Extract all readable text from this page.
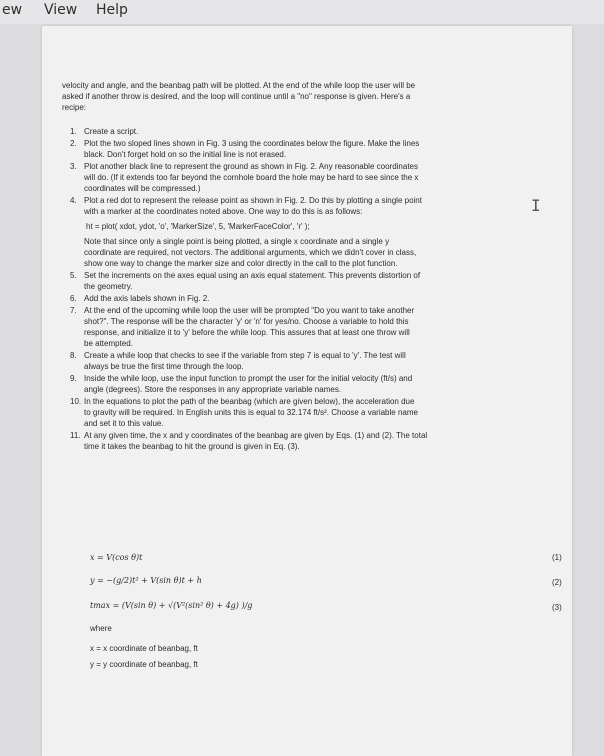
ew View Help
velocity and angle, and the beanbag path will be plotted. At the end of the while loop the user will be
asked if another throw is desired, and the loop will continue until a "no" response is given. Here's a
recipe:
1. Create a script.
2. Plot the two sloped lines shown in Fig. 3 using the coordinates below the figure. Make the lines
black. Don't forget hold on so the initial line is not erased.
3. Plot another black line to represent the ground as shown in Fig. 2. Any reasonable coordinates
will do. (If it extends too far beyond the cornhole board the hole may be hard to see since the x
coordinates will be compressed.)
4. Plot a red dot to represent the release point as shown in Fig. 2. Do this by plotting a single point
with a marker at the coordinates noted above. One way to do this is as follows:
ht = plot( xdot, ydot, 'o', 'MarkerSize', 5, 'MarkerFaceColor', 'r' );
Note that since only a single point is being plotted, a single x coordinate and a single y
coordinate are required, not vectors. The additional arguments, which we didn't cover in class,
show one way to change the marker size and color directly in the call to the plot function.
5. Set the increments on the axes equal using an axis equal statement. This prevents distortion of
the geometry.
6. Add the axis labels shown in Fig. 2.
7. At the end of the upcoming while loop the user will be prompted "Do you want to take another
shot?". The response will be the character 'y' or 'n' for yes/no. Choose a variable to hold this
response, and initialize it to 'y' before the while loop. This assures that at least one throw will
be attempted.
8. Create a while loop that checks to see if the variable from step 7 is equal to 'y'. The test will
always be true the first time through the loop.
9. Inside the while loop, use the input function to prompt the user for the initial velocity (ft/s) and
angle (degrees). Store the responses in any appropriate variable names.
10. In the equations to plot the path of the beanbag (which are given below), the acceleration due
to gravity will be required. In English units this is equal to 32.174 ft/s². Choose a variable name
and set it to this value.
11. At any given time, the x and y coordinates of the beanbag are given by Eqs. (1) and (2). The total
time it takes the beanbag to hit the ground is given in Eq. (3).
x = V(cos θ)t	(1)
y = −(g/2)t² + V(sin θ)t + h	(2)
tmax = (V(sin θ) + √(V²(sin² θ) + 4g) )/g	(3)
where
x = x coordinate of beanbag, ft
y = y coordinate of beanbag, ft
I
